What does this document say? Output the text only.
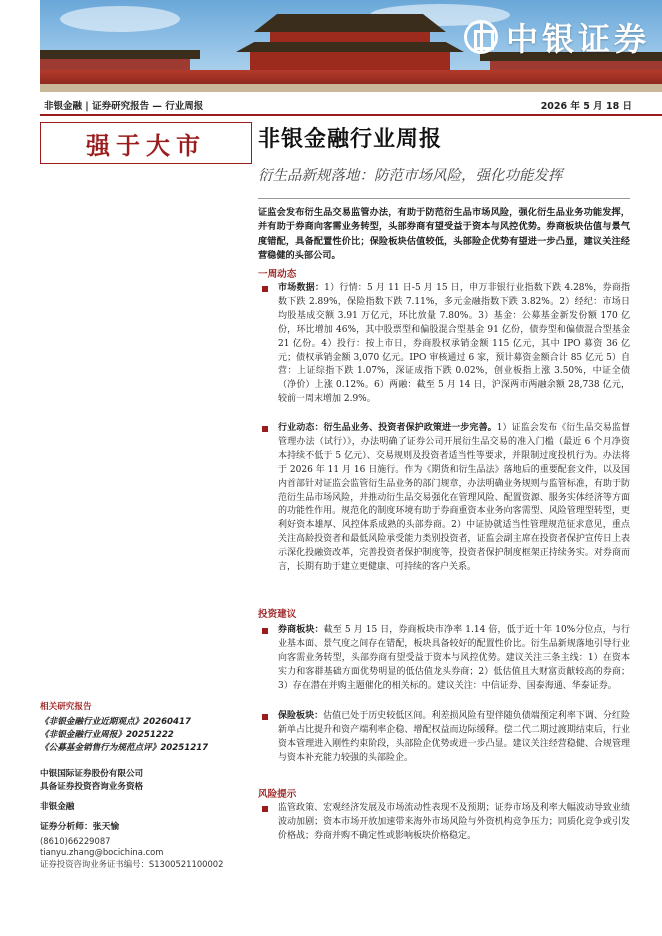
中银证券
非银金融 | 证券研究报告 — 行业周报	2026 年 5 月 18 日
强于大市
相关研究报告
《非银金融行业近期观点》20260417
《非银金融行业周报》20251222
《公募基金销售行为规范点评》20251217
中银国际证券股份有限公司
具备证券投资咨询业务资格
非银金融
证券分析师：张天愉
(8610)66229087
tianyu.zhang@bocichina.com
证券投资咨询业务证书编号：S1300521100002
非银金融行业周报
衍生品新规落地：防范市场风险，强化功能发挥
证监会发布衍生品交易监管办法，有助于防范衍生品市场风险，强化衍生品业务功能发挥，并有助于券商向客需业务转型，头部券商有望受益于资本与风控优势。券商板块估值与景气度错配，具备配置性价比；保险板块估值较低，头部险企优势有望进一步凸显，建议关注经营稳健的头部公司。
一周动态
市场数据：1）行情：5 月 11 日-5 月 15 日，申万非银行业指数下跌 4.28%，券商指数下跌 2.89%，保险指数下跌 7.11%，多元金融指数下跌 3.82%。2）经纪：市场日均股基成交额 3.91 万亿元，环比放量 7.80%。3）基金：公募基金新发份额 170 亿份，环比增加 46%，其中股票型和偏股混合型基金 91 亿份，债券型和偏债混合型基金 21 亿份。4）投行：按上市日，券商股权承销金额 115 亿元，其中 IPO 募资 36 亿元；债权承销金额 3,070 亿元。IPO 审核通过 6 家，预计募资金额合计 85 亿元 5）自营：上证综指下跌 1.07%，深证成指下跌 0.02%，创业板指上涨 3.50%，中证全债（净价）上涨 0.12%。6）两融：截至 5 月 14 日，沪深两市两融余额 28,738 亿元，较前一周末增加 2.9%。
行业动态：衍生品业务、投资者保护政策进一步完善。1）证监会发布《衍生品交易监督管理办法（试行）》，办法明确了证券公司开展衍生品交易的准入门槛（最近 6 个月净资本持续不低于 5 亿元）、交易规则及投资者适当性等要求，并限制过度投机行为。办法将于 2026 年 11 月 16 日施行。作为《期货和衍生品法》落地后的重要配套文件，以及国内首部针对证监会监管衍生品业务的部门规章，办法明确业务规则与监管标准，有助于防范衍生品市场风险，并推动衍生品交易强化在管理风险、配置资源、服务实体经济等方面的功能性作用。规范化的制度环境有助于券商重资本业务向客需型、风险管理型转型，更利好资本雄厚、风控体系成熟的头部券商。2）中证协就适当性管理规范征求意见，重点关注高龄投资者和最低风险承受能力类别投资者，证监会副主席在投资者保护宣传日上表示深化投融资改革，完善投资者保护制度等，投资者保护制度框架正持续务实。对券商而言，长期有助于建立更健康、可持续的客户关系。
投资建议
券商板块：截至 5 月 15 日，券商板块市净率 1.14 倍，低于近十年 10%分位点，与行业基本面、景气度之间存在错配，板块具备较好的配置性价比。衍生品新规落地引导行业向客需业务转型，头部券商有望受益于资本与风控优势。建议关注三条主线：1）在资本实力和客群基础方面优势明显的低估值龙头券商；2）低估值且大财富贡献较高的券商；3）存在潜在并购主题催化的相关标的。建议关注：中信证券、国泰海通、华泰证券。
保险板块：估值已处于历史较低区间。利差损风险有望伴随负债端预定利率下调、分红险新单占比提升和资产端利率企稳、增配权益而边际缓释。偿二代二期过渡期结束后，行业资本管理进入刚性约束阶段，头部险企优势或进一步凸显。建议关注经营稳健、合规管理与资本补充能力较强的头部险企。
风险提示
监管政策、宏观经济发展及市场流动性表现不及预期；证券市场及利率大幅波动导致业绩波动加剧；资本市场开放加速带来海外市场风险与外资机构竞争压力；同质化竞争或引发价格战；券商并购不确定性或影响板块价格稳定。
